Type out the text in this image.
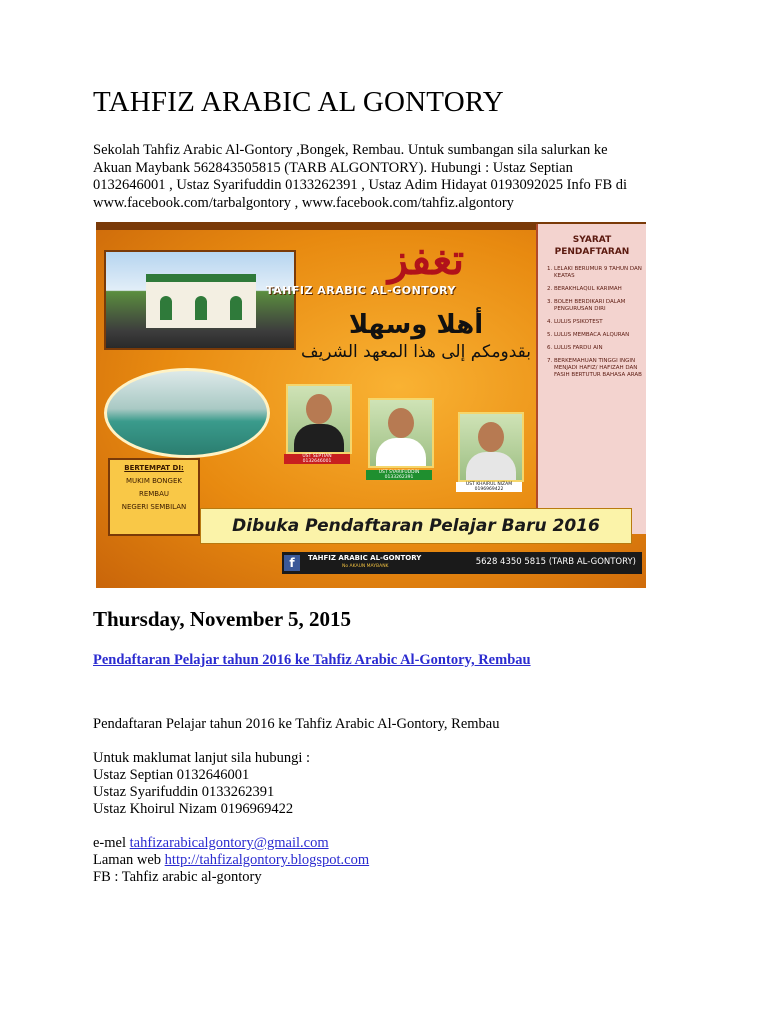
TAHFIZ ARABIC AL GONTORY
Sekolah Tahfiz Arabic Al-Gontory ,Bongek, Rembau. Untuk sumbangan sila salurkan ke
Akuan Maybank 562843505815 (TARB ALGONTORY). Hubungi : Ustaz Septian
0132646001 , Ustaz Syarifuddin 0133262391 , Ustaz Adim Hidayat 0193092025 Info FB di
www.facebook.com/tarbalgontory , www.facebook.com/tahfiz.algontory
ﺗﻐﻔﺰ
TAHFIZ ARABIC AL-GONTORY
أهلا وسهلا
بقدومكم إلى هذا المعهد الشريف
UST SEPTIAN
0132646001
UST SYARIFUDDIN
0133262391
UST KHAIRUL NIZAM
0196969422
SYARAT
PENDAFTARAN
1. LELAKI BERUMUR 9 TAHUN DAN KEATAS
2. BERAKHLAQUL KARIMAH
3. BOLEH BERDIKARI DALAM PENGURUSAN DIRI
4. LULUS PSIKOTEST
5. LULUS MEMBACA ALQURAN
6. LULUS FARDU AIN
7. BERKEMAHUAN TINGGI INGIN MENJADI HAFIZ/ HAFIZAH DAN FASIH BERTUTUR BAHASA ARAB
BERTEMPAT DI:
MUKIM BONGEK
REMBAU
NEGERI SEMBILAN
Dibuka Pendaftaran Pelajar Baru 2016
f	TAHFIZ ARABIC AL-GONTORY
No AKAUN MAYBANK	5628 4350 5815 (TARB AL-GONTORY)
Thursday, November 5, 2015
Pendaftaran Pelajar tahun 2016 ke Tahfiz Arabic Al-Gontory, Rembau
Pendaftaran Pelajar tahun 2016 ke Tahfiz Arabic Al-Gontory, Rembau
Untuk maklumat lanjut sila hubungi :
Ustaz Septian 0132646001
Ustaz Syarifuddin 0133262391
Ustaz Khoirul Nizam 0196969422
e-mel tahfizarabicalgontory@gmail.com
Laman web http://tahfizalgontory.blogspot.com
FB : Tahfiz arabic al-gontory
